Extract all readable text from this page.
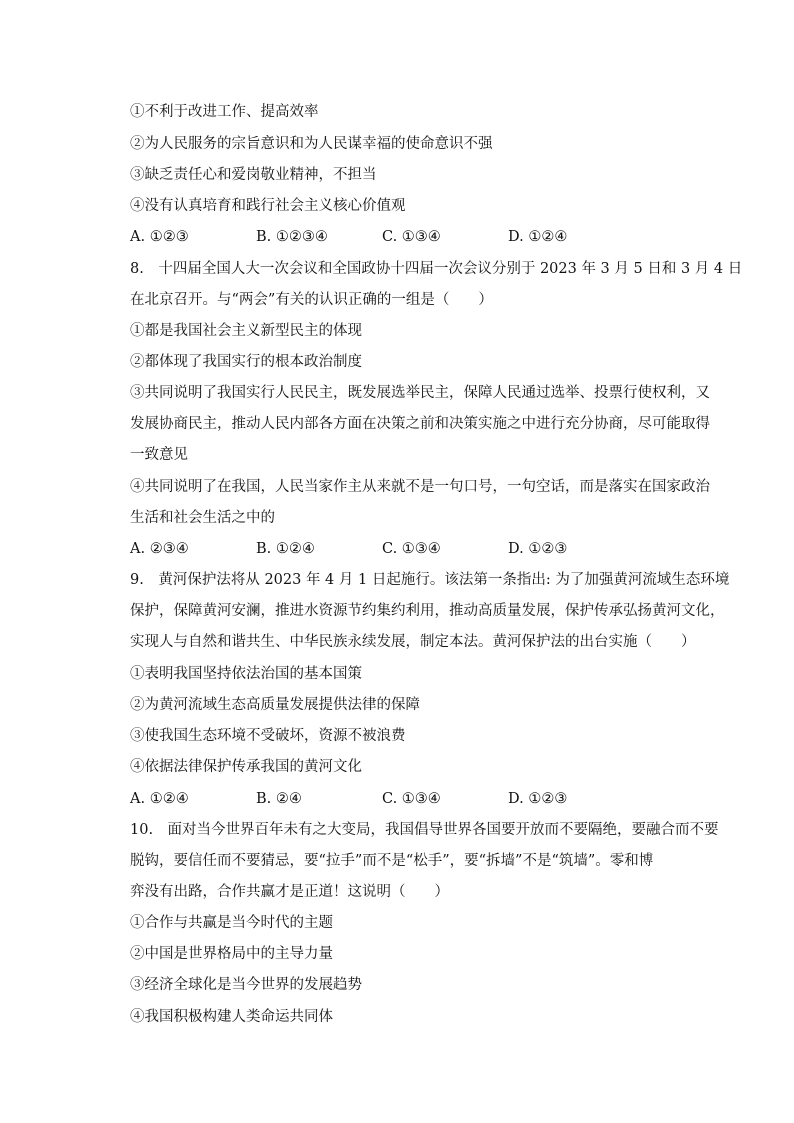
①不利于改进工作、提高效率
②为人民服务的宗旨意识和为人民谋幸福的使命意识不强
③缺乏责任心和爱岗敬业精神，不担当
④没有认真培育和践行社会主义核心价值观
A. ①②③	B. ①②③④	C. ①③④	D. ①②④
8.　十四届全国人大一次会议和全国政协十四届一次会议分别于 2023 年 3 月 5 日和 3 月 4 日
在北京召开。与“两会”有关的认识正确的一组是（　　）
①都是我国社会主义新型民主的体现
②都体现了我国实行的根本政治制度
③共同说明了我国实行人民民主，既发展选举民主，保障人民通过选举、投票行使权利，又
发展协商民主，推动人民内部各方面在决策之前和决策实施之中进行充分协商，尽可能取得
一致意见
④共同说明了在我国，人民当家作主从来就不是一句口号，一句空话，而是落实在国家政治
生活和社会生活之中的
A. ②③④	B. ①②④	C. ①③④	D. ①②③
9.　黄河保护法将从 2023 年 4 月 1 日起施行。该法第一条指出: 为了加强黄河流域生态环境
保护，保障黄河安澜，推进水资源节约集约利用，推动高质量发展，保护传承弘扬黄河文化，
实现人与自然和谐共生、中华民族永续发展，制定本法。黄河保护法的出台实施（　　）
①表明我国坚持依法治国的基本国策
②为黄河流域生态高质量发展提供法律的保障
③使我国生态环境不受破坏，资源不被浪费
④依据法律保护传承我国的黄河文化
A. ①②④	B. ②④	C. ①③④	D. ①②③
10.　面对当今世界百年未有之大变局，我国倡导世界各国要开放而不要隔绝，要融合而不要
脱钩，要信任而不要猜忌，要“拉手”而不是“松手”，要“拆墙”不是“筑墙”。零和博
弈没有出路，合作共赢才是正道！这说明（　　）
①合作与共赢是当今时代的主题
②中国是世界格局中的主导力量
③经济全球化是当今世界的发展趋势
④我国积极构建人类命运共同体
